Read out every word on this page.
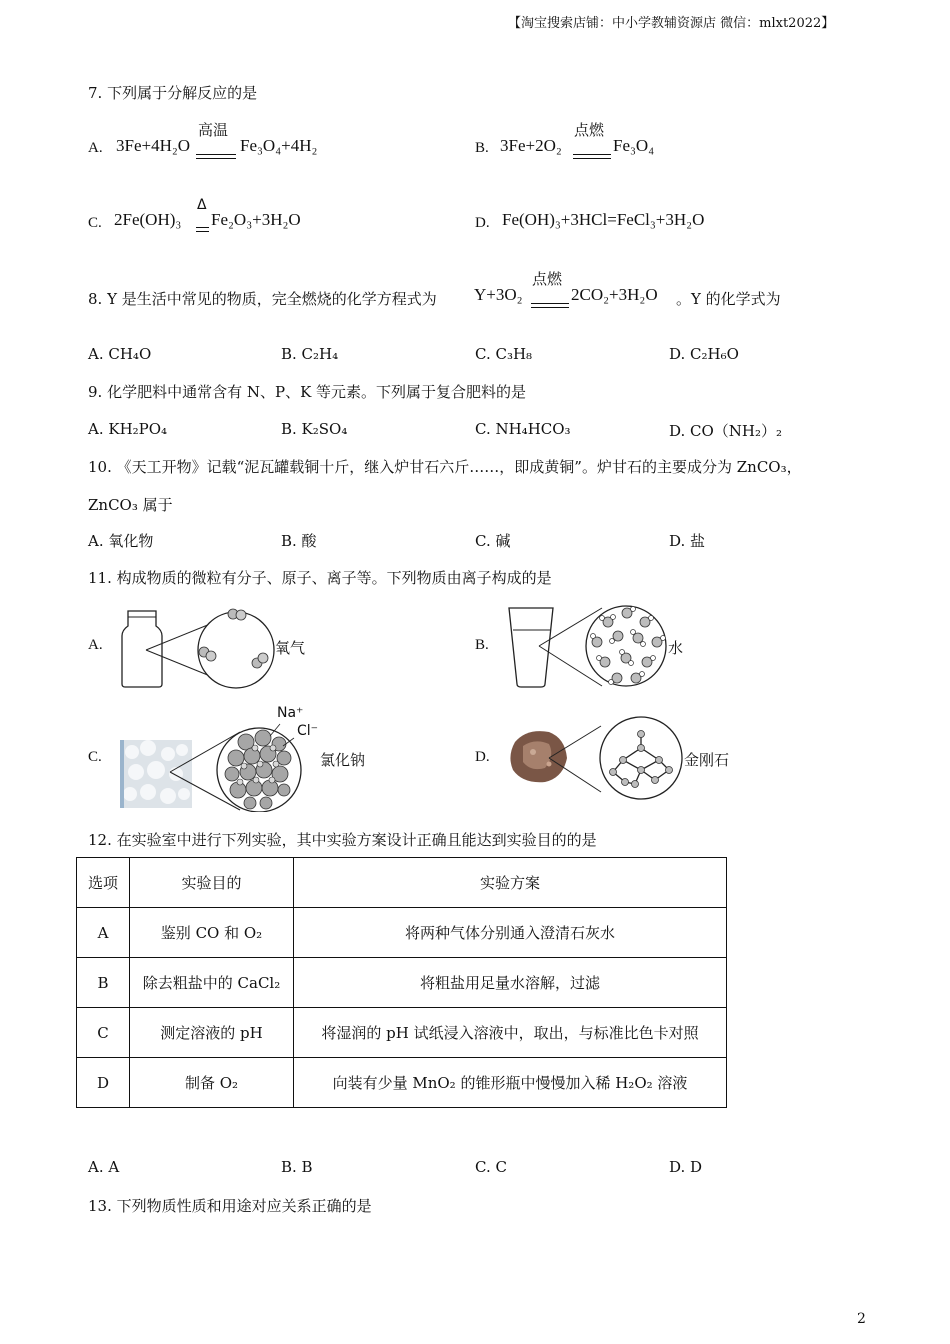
【淘宝搜索店铺：中小学教辅资源店 微信：mlxt2022】
7. 下列属于分解反应的是
A. 3Fe+4H₂O
高温
Fe₃O₄+4H₂	B. 3Fe+2O₂
点燃
Fe₃O₄
C. 2Fe(OH)₃
Δ
Fe₂O₃+3H₂O	D. Fe(OH)₃+3HCl=FeCl₃+3H₂O
8. Y 是生活中常见的物质，完全燃烧的化学方程式为 Y+3O₂
点燃
2CO₂+3H₂O 。Y 的化学式为
A. CH₄O	B. C₂H₄	C. C₃H₈	D. C₂H₆O
9. 化学肥料中通常含有 N、P、K 等元素。下列属于复合肥料的是
A. KH₂PO₄	B. K₂SO₄	C. NH₄HCO₃	D. CO（NH₂）₂
10. 《天工开物》记载“泥瓦罐载铜十斤，继入炉甘石六斤……，即成黄铜”。炉甘石的主要成分为 ZnCO₃，
ZnCO₃ 属于
A. 氧化物	B. 酸	C. 碱	D. 盐
11. 构成物质的微粒有分子、原子、离子等。下列物质由离子构成的是
A.	氧气	B.	水
C.
Na⁺
Cl⁻
氯化钠	D.	金刚石
12. 在实验室中进行下列实验，其中实验方案设计正确且能达到实验目的的是
选项	实验目的	实验方案
A	鉴别 CO 和 O₂	将两种气体分别通入澄清石灰水
B	除去粗盐中的 CaCl₂	将粗盐用足量水溶解，过滤
C	测定溶液的 pH	将湿润的 pH 试纸浸入溶液中，取出，与标准比色卡对照
D	制备 O₂	向装有少量 MnO₂ 的锥形瓶中慢慢加入稀 H₂O₂ 溶液
A. A	B. B	C. C	D. D
13. 下列物质性质和用途对应关系正确的是
2
